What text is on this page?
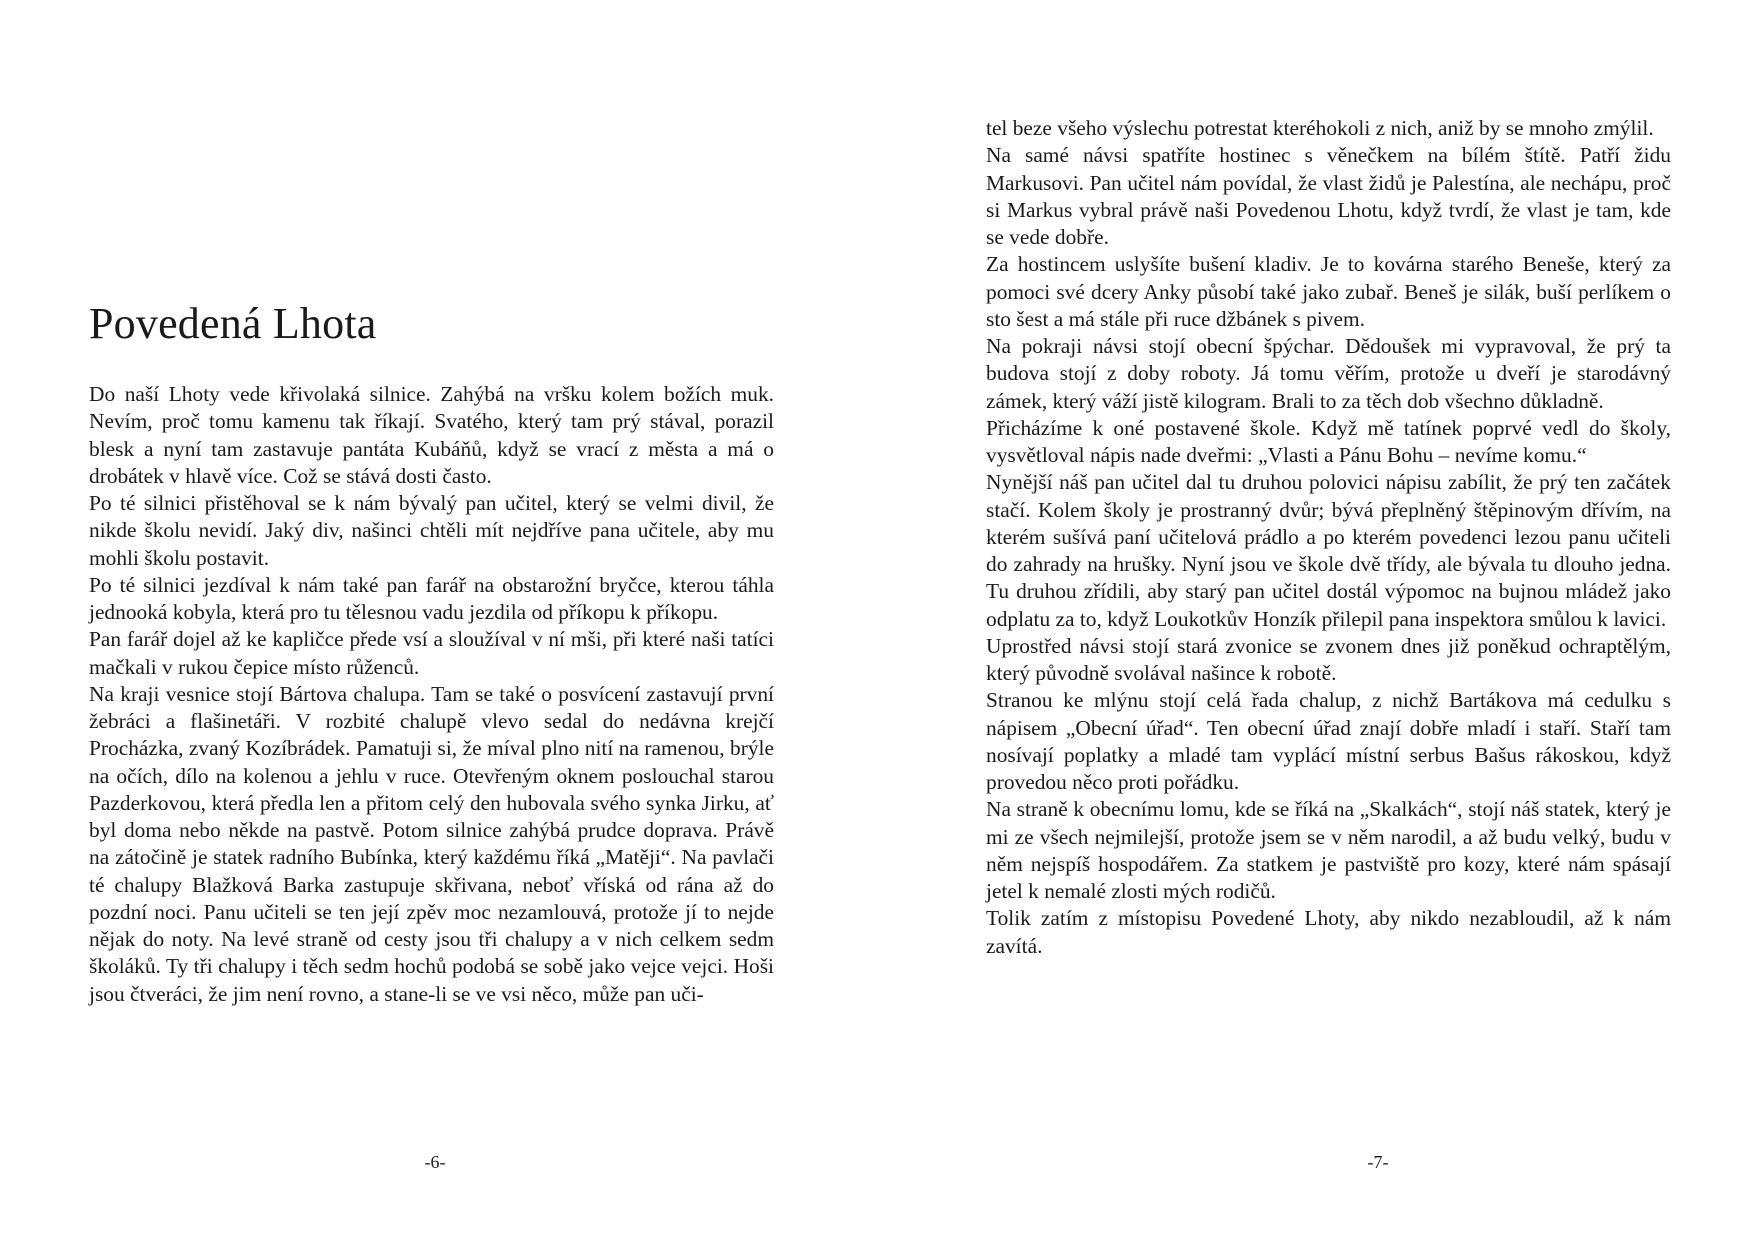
Povedená Lhota

Do naší Lhoty vede křivolaká silnice. Zahýbá na vršku kolem božích muk. Nevím, proč tomu kamenu tak říkají. Svatého, který tam prý stával, porazil blesk a nyní tam zastavuje pantáta Kubáňů, když se vrací z města a má o drobátek v hlavě více. Což se stává dosti často.

Po té silnici přistěhoval se k nám bývalý pan učitel, který se velmi divil, že nikde školu nevidí. Jaký div, našinci chtěli mít nejdříve pana učitele, aby mu mohli školu postavit.

Po té silnici jezdíval k nám také pan farář na obstarožní bryčce, kterou táhla jednooká kobyla, která pro tu tělesnou vadu jezdila od příkopu k příkopu.

Pan farář dojel až ke kapličce přede vsí a sloužíval v ní mši, při které naši tatíci mačkali v rukou čepice místo růženců.

Na kraji vesnice stojí Bártova chalupa. Tam se také o posvícení zastavují první žebráci a flašinetáři. V rozbité chalupě vlevo sedal do nedávna krejčí Procházka, zvaný Kozíbrádek. Pamatuji si, že míval plno nití na ramenou, brýle na očích, dílo na kolenou a jehlu v ruce. Otevřeným oknem poslouchal starou Pazderkovou, která předla len a přitom celý den hubovala svého synka Jirku, ať byl doma nebo někde na pastvě. Potom silnice zahýbá prudce doprava. Právě na zátočině je statek radního Bubínka, který každému říká „Matěji“. Na pavlači té chalupy Blažková Barka zastupuje skřivana, neboť vříská od rána až do pozdní noci. Panu učiteli se ten její zpěv moc nezamlouvá, protože jí to nejde nějak do noty. Na levé straně od cesty jsou tři chalupy a v nich celkem sedm školáků. Ty tři chalupy i těch sedm hochů podobá se sobě jako vejce vejci. Hoši jsou čtveráci, že jim není rovno, a stane-li se ve vsi něco, může pan uči-

-6-

tel beze všeho výslechu potrestat kteréhokoli z nich, aniž by se mnoho zmýlil.

Na samé návsi spatříte hostinec s věnečkem na bílém štítě. Patří židu Markusovi. Pan učitel nám povídal, že vlast židů je Palestína, ale nechápu, proč si Markus vybral právě naši Povedenou Lhotu, když tvrdí, že vlast je tam, kde se vede dobře.

Za hostincem uslyšíte bušení kladiv. Je to kovárna starého Beneše, který za pomoci své dcery Anky působí také jako zubař. Beneš je silák, buší perlíkem o sto šest a má stále při ruce džbánek s pivem.

Na pokraji návsi stojí obecní špýchar. Dědoušek mi vypravoval, že prý ta budova stojí z doby roboty. Já tomu věřím, protože u dveří je starodávný zámek, který váží jistě kilogram. Brali to za těch dob všechno důkladně.

Přicházíme k oné postavené škole. Když mě tatínek poprvé vedl do školy, vysvětloval nápis nade dveřmi: „Vlasti a Pánu Bohu – nevíme komu.“

Nynější náš pan učitel dal tu druhou polovici nápisu zabílit, že prý ten začátek stačí. Kolem školy je prostranný dvůr; bývá přeplněný štěpinovým dřívím, na kterém sušívá paní učitelová prádlo a po kterém povedenci lezou panu učiteli do zahrady na hrušky. Nyní jsou ve škole dvě třídy, ale bývala tu dlouho jedna. Tu druhou zřídili, aby starý pan učitel dostál výpomoc na bujnou mládež jako odplatu za to, když Loukotkův Honzík přilepil pana inspektora smůlou k lavici.

Uprostřed návsi stojí stará zvonice se zvonem dnes již poněkud ochraptělým, který původně svolával našince k robotě.

Stranou ke mlýnu stojí celá řada chalup, z nichž Bartákova má cedulku s nápisem „Obecní úřad“. Ten obecní úřad znají dobře mladí i staří. Staří tam nosívají poplatky a mladé tam vyplácí místní serbus Bašus rákoskou, když provedou něco proti pořádku.

Na straně k obecnímu lomu, kde se říká na „Skalkách“, stojí náš statek, který je mi ze všech nejmilejší, protože jsem se v něm narodil, a až budu velký, budu v něm nejspíš hospodářem. Za statkem je pastviště pro kozy, které nám spásají jetel k nemalé zlosti mých rodičů.

Tolik zatím z místopisu Povedené Lhoty, aby nikdo nezabloudil, až k nám zavítá.

-7-
